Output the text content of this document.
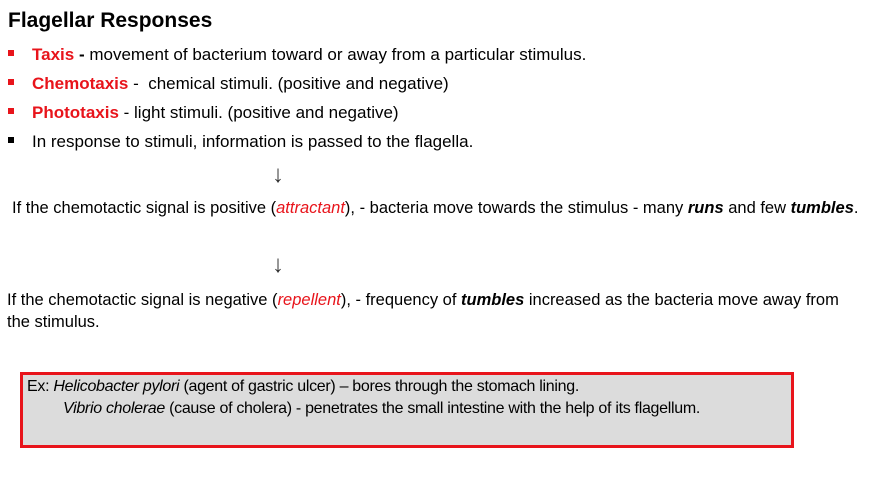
Flagellar Responses
Taxis - movement of bacterium toward or away from a particular stimulus.
Chemotaxis -  chemical stimuli. (positive and negative)
Phototaxis - light stimuli. (positive and negative)
In response to stimuli, information is passed to the flagella.
↓
If the chemotactic signal is positive (attractant), - bacteria move towards the stimulus - many runs and few tumbles.
↓
If the chemotactic signal is negative (repellent), - frequency of tumbles increased as the bacteria move away from the stimulus.
Ex: Helicobacter pylori (agent of gastric ulcer) – bores through the stomach lining.
Vibrio cholerae (cause of cholera) - penetrates the small intestine with the help of its flagellum.
